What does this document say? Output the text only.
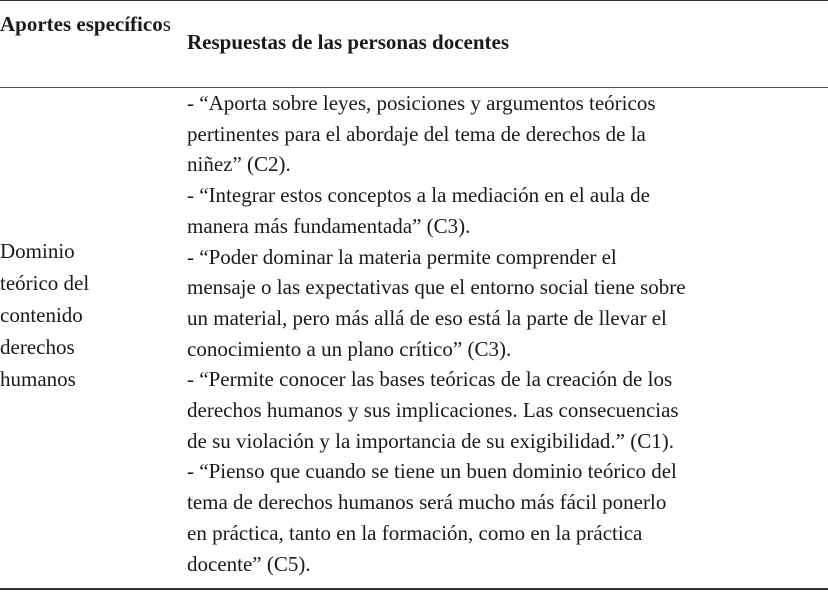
Aportes específicos
Respuestas de las personas docentes
Dominio
teórico del
contenido
derechos
humanos
- “Aporta sobre leyes, posiciones y argumentos teóricos
pertinentes para el abordaje del tema de derechos de la
niñez” (C2).
- “Integrar estos conceptos a la mediación en el aula de
manera más fundamentada” (C3).
- “Poder dominar la materia permite comprender el
mensaje o las expectativas que el entorno social tiene sobre
un material, pero más allá de eso está la parte de llevar el
conocimiento a un plano crítico” (C3).
- “Permite conocer las bases teóricas de la creación de los
derechos humanos y sus implicaciones. Las consecuencias
de su violación y la importancia de su exigibilidad.” (C1).
- “Pienso que cuando se tiene un buen dominio teórico del
tema de derechos humanos será mucho más fácil ponerlo
en práctica, tanto en la formación, como en la práctica
docente” (C5).
